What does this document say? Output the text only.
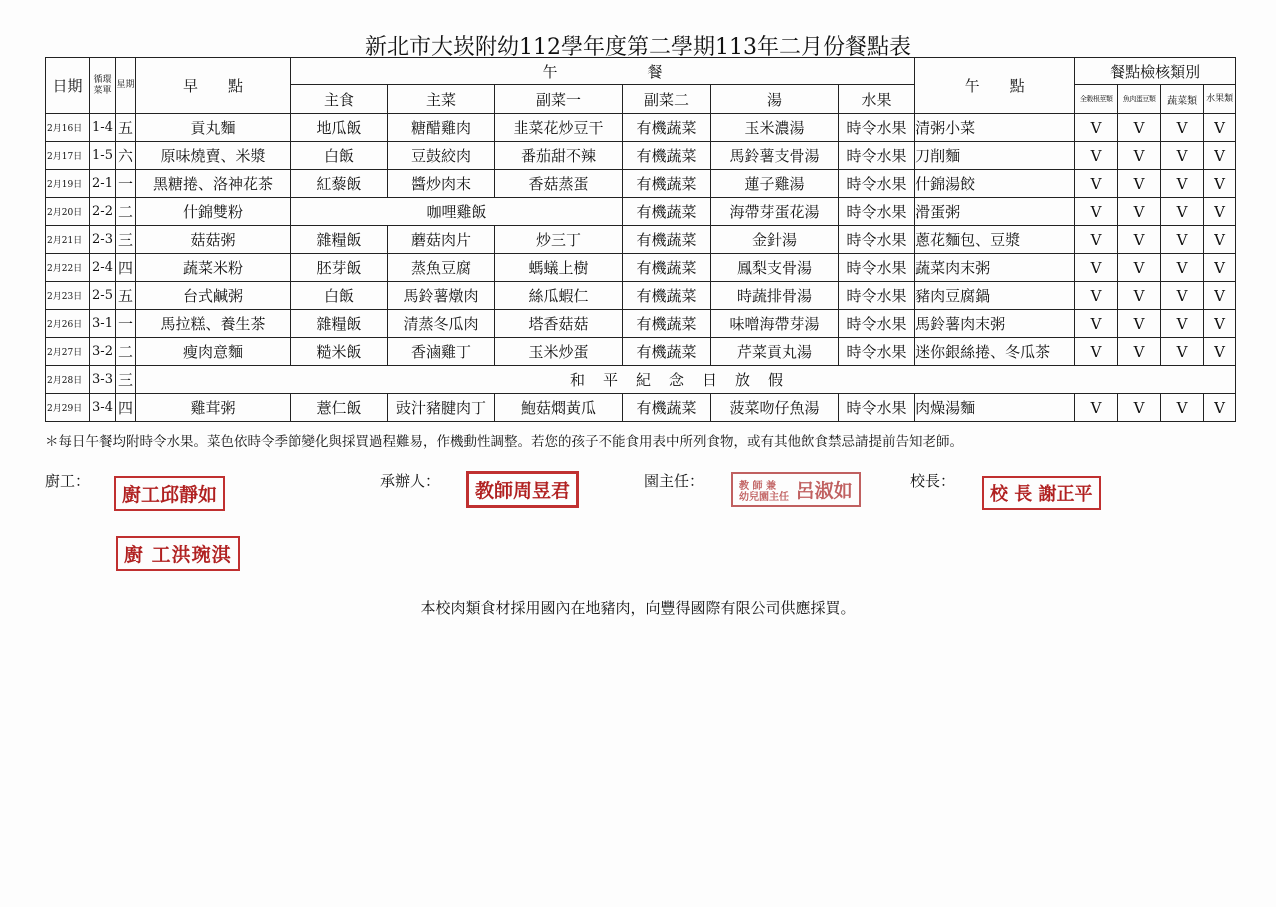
新北市大崁附幼112學年度第二學期113年二月份餐點表
日期	循環菜單	星期	早　　點	午　　　　　　餐						午　　點	餐點檢核類別			
				主食	主菜	副菜一	副菜二	湯	水果		全穀根莖類	魚肉蛋豆類	蔬菜類	水果類
2月16日	1-4	五	貢丸麵	地瓜飯	糖醋雞肉	韭菜花炒豆干	有機蔬菜	玉米濃湯	時令水果	清粥小菜	V	V	V	V
2月17日	1-5	六	原味燒賣、米漿	白飯	豆鼓絞肉	番茄甜不辣	有機蔬菜	馬鈴薯支骨湯	時令水果	刀削麵	V	V	V	V
2月19日	2-1	一	黑糖捲、洛神花茶	紅藜飯	醬炒肉末	香菇蒸蛋	有機蔬菜	蓮子雞湯	時令水果	什錦湯餃	V	V	V	V
2月20日	2-2	二	什錦雙粉	咖哩雞飯			有機蔬菜	海帶芽蛋花湯	時令水果	滑蛋粥	V	V	V	V
2月21日	2-3	三	菇菇粥	雜糧飯	蘑菇肉片	炒三丁	有機蔬菜	金針湯	時令水果	蔥花麵包、豆漿	V	V	V	V
2月22日	2-4	四	蔬菜米粉	胚芽飯	蒸魚豆腐	螞蟻上樹	有機蔬菜	鳳梨支骨湯	時令水果	蔬菜肉末粥	V	V	V	V
2月23日	2-5	五	台式鹹粥	白飯	馬鈴薯燉肉	絲瓜蝦仁	有機蔬菜	時蔬排骨湯	時令水果	豬肉豆腐鍋	V	V	V	V
2月26日	3-1	一	馬拉糕、養生茶	雜糧飯	清蒸冬瓜肉	塔香菇菇	有機蔬菜	味噌海帶芽湯	時令水果	馬鈴薯肉末粥	V	V	V	V
2月27日	3-2	二	瘦肉意麵	糙米飯	香滷雞丁	玉米炒蛋	有機蔬菜	芹菜貢丸湯	時令水果	迷你銀絲捲、冬瓜茶	V	V	V	V
2月28日	3-3	三	和平紀念日放假											
2月29日	3-4	四	雞茸粥	薏仁飯	豉汁豬腱肉丁	鮑菇燜黃瓜	有機蔬菜	菠菜吻仔魚湯	時令水果	肉燥湯麵	V	V	V	V
＊每日午餐均附時令水果。菜色依時令季節變化與採買過程難易，作機動性調整。若您的孩子不能食用表中所列食物，或有其他飲食禁忌請提前告知老師。
廚工：
廚工邱靜如
廚 工洪琬淇
承辦人：	教師周昱君	園主任：	教 師 兼
幼兒園主任 呂淑如	校長：
校 長 謝正平
本校肉類食材採用國內在地豬肉，向豐得國際有限公司供應採買。
